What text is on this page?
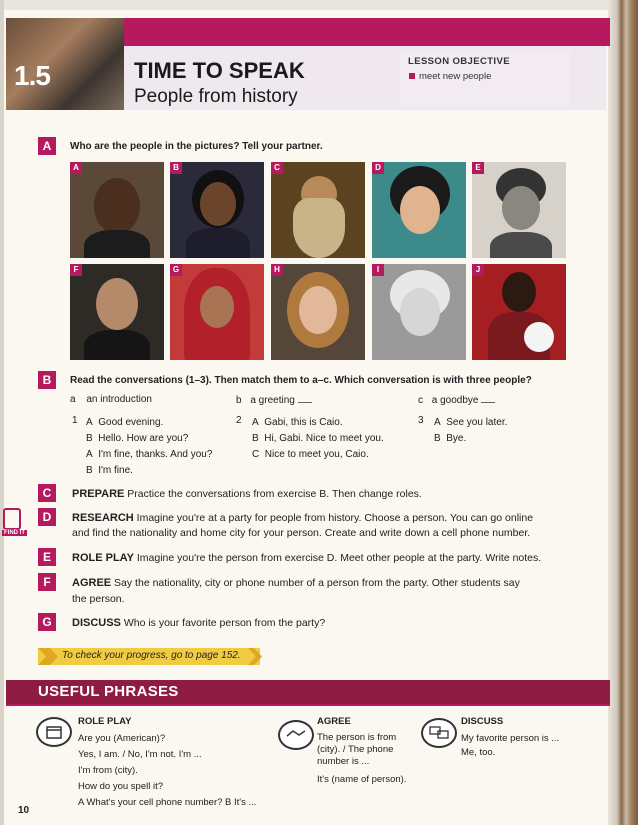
1.5	TIME TO SPEAK
People from history
LESSON OBJECTIVE
meet new people
A	Who are the people in the pictures? Tell your partner.
A	B	C	D	E
F	G	H	I	J
B	Read the conversations (1–3). Then match them to a–c. Which conversation is with three people?
a an introduction	b a greeting	c a goodbye
1 A Good evening.
B Hello. How are you?
A I'm fine, thanks. And you?
B I'm fine.
2 A Gabi, this is Caio.
B Hi, Gabi. Nice to meet you.
C Nice to meet you, Caio.
3 A See you later.
B Bye.
C	PREPARE Practice the conversations from exercise B. Then change roles.
FIND IT
D	RESEARCH Imagine you're at a party for people from history. Choose a person. You can go online
and find the nationality and home city for your person. Create and write down a cell phone number.
E	ROLE PLAY Imagine you're the person from exercise D. Meet other people at the party. Write notes.
F	AGREE Say the nationality, city or phone number of a person from the party. Other students say
the person.
G	DISCUSS Who is your favorite person from the party?
To check your progress, go to page 152.
USEFUL PHRASES
ROLE PLAY
Are you (American)?
Yes, I am. / No, I'm not. I'm ...
I'm from (city).
How do you spell it?
A What's your cell phone number? B It's ...
AGREE
The person is from
(city). / The phone
number is ...
It's (name of person).
DISCUSS
My favorite person is ...
Me, too.
10
